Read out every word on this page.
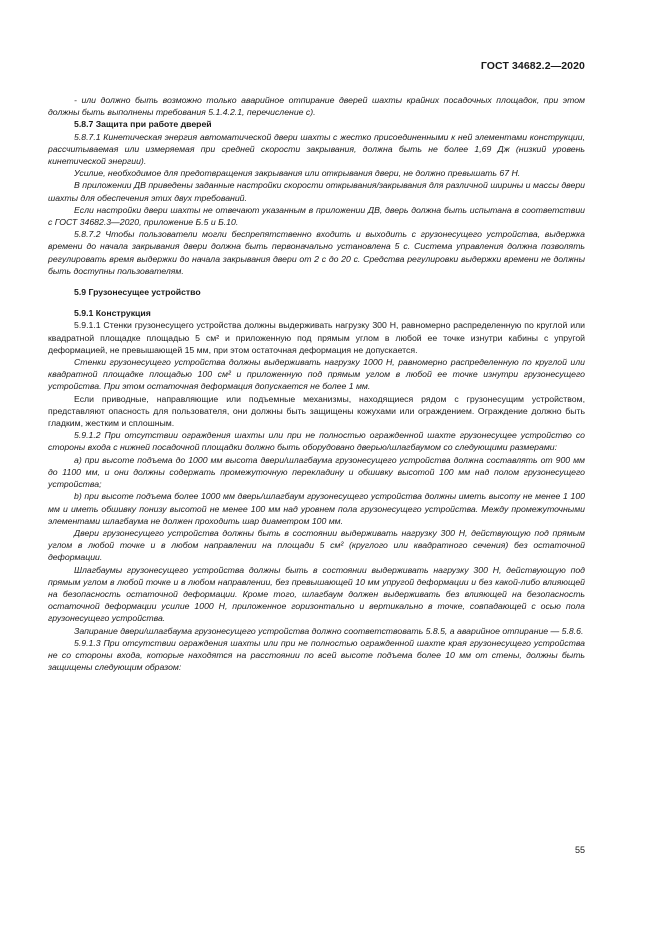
ГОСТ 34682.2—2020

- или должно быть возможно только аварийное отпирание дверей шахты крайних посадочных площадок, при этом должны быть выполнены требования 5.1.4.2.1, перечисление c).

5.8.7 Защита при работе дверей

5.8.7.1 Кинетическая энергия автоматической двери шахты с жестко присоединенными к ней элементами конструкции, рассчитываемая или измеряемая при средней скорости закрывания, должна быть не более 1,69 Дж (низкий уровень кинетической энергии).

Усилие, необходимое для предотвращения закрывания или открывания двери, не должно превышать 67 Н.

В приложении ДВ приведены заданные настройки скорости открывания/закрывания для различной ширины и массы двери шахты для обеспечения этих двух требований.

Если настройки двери шахты не отвечают указанным в приложении ДВ, дверь должна быть испытана в соответствии с ГОСТ 34682.3—2020, приложение Б.5 и Б.10.

5.8.7.2 Чтобы пользователи могли беспрепятственно входить и выходить с грузонесущего устройства, выдержка времени до начала закрывания двери должна быть первоначально установлена 5 с. Система управления должна позволять регулировать время выдержки до начала закрывания двери от 2 с до 20 с. Средства регулировки выдержки времени не должны быть доступны пользователям.

5.9 Грузонесущее устройство

5.9.1 Конструкция

5.9.1.1 Стенки грузонесущего устройства должны выдерживать нагрузку 300 Н, равномерно распределенную по круглой или квадратной площадке площадью 5 см² и приложенную под прямым углом в любой ее точке изнутри кабины с упругой деформацией, не превышающей 15 мм, при этом остаточная деформация не допускается.

Стенки грузонесущего устройства должны выдерживать нагрузку 1000 Н, равномерно распределенную по круглой или квадратной площадке площадью 100 см² и приложенную под прямым углом в любой ее точке изнутри грузонесущего устройства. При этом остаточная деформация допускается не более 1 мм.

Если приводные, направляющие или подъемные механизмы, находящиеся рядом с грузонесущим устройством, представляют опасность для пользователя, они должны быть защищены кожухами или ограждением. Ограждение должно быть гладким, жестким и сплошным.

5.9.1.2 При отсутствии ограждения шахты или при не полностью огражденной шахте грузонесущее устройство со стороны входа с нижней посадочной площадки должно быть оборудовано дверью/шлагбаумом со следующими размерами:

a) при высоте подъема до 1000 мм высота двери/шлагбаума грузонесущего устройства должна составлять от 900 мм до 1100 мм, и они должны содержать промежуточную перекладину и обшивку высотой 100 мм над полом грузонесущего устройства;

b) при высоте подъема более 1000 мм дверь/шлагбаум грузонесущего устройства должны иметь высоту не менее 1 100 мм и иметь обшивку понизу высотой не менее 100 мм над уровнем пола грузонесущего устройства. Между промежуточными элементами шлагбаума не должен проходить шар диаметром 100 мм.

Двери грузонесущего устройства должны быть в состоянии выдерживать нагрузку 300 Н, действующую под прямым углом в любой точке и в любом направлении на площади 5 см² (круглого или квадратного сечения) без остаточной деформации.

Шлагбаумы грузонесущего устройства должны быть в состоянии выдерживать нагрузку 300 Н, действующую под прямым углом в любой точке и в любом направлении, без превышающей 10 мм упругой деформации и без какой-либо влияющей на безопасность остаточной деформации. Кроме того, шлагбаум должен выдерживать без влияющей на безопасность остаточной деформации усилие 1000 Н, приложенное горизонтально и вертикально в точке, совпадающей с осью пола грузонесущего устройства.

Запирание двери/шлагбаума грузонесущего устройства должно соответствовать 5.8.5, а аварийное отпирание — 5.8.6.

5.9.1.3 При отсутствии ограждения шахты или при не полностью огражденной шахте края грузонесущего устройства не со стороны входа, которые находятся на расстоянии по всей высоте подъема более 10 мм от стены, должны быть защищены следующим образом:

55
